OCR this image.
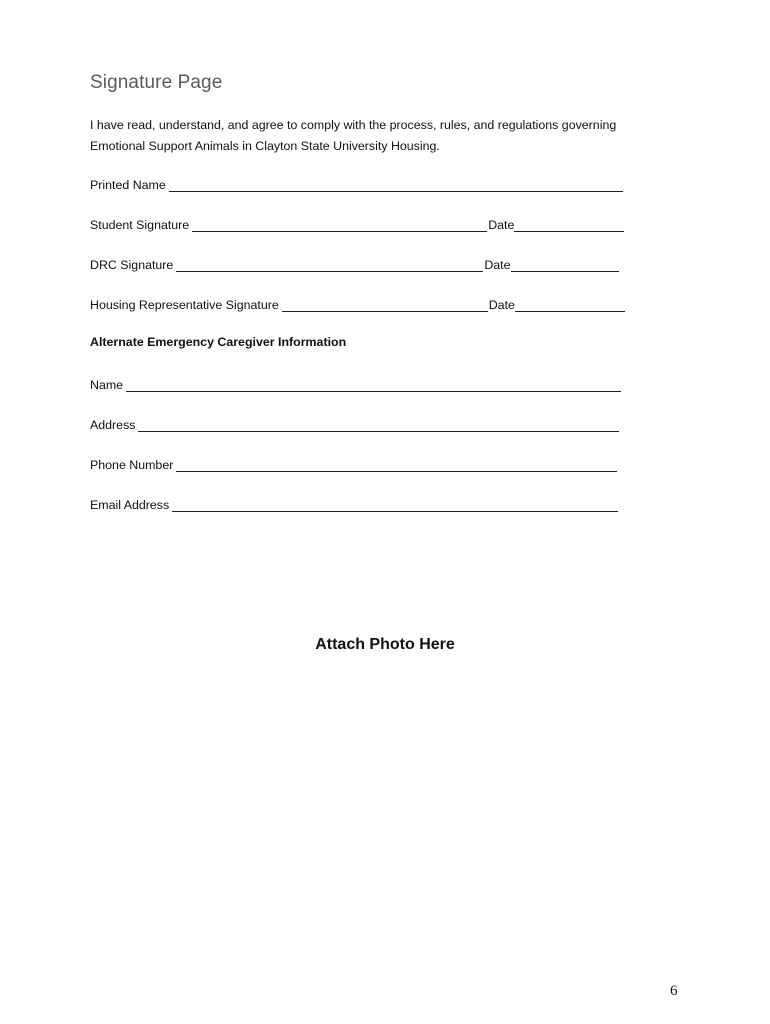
Signature Page
I have read, understand, and agree to comply with the process, rules, and regulations governing Emotional Support Animals in Clayton State University Housing.
Printed Name
Student Signature	Date
DRC Signature	Date
Housing Representative Signature	Date
Alternate Emergency Caregiver Information
Name
Address
Phone Number
Email Address
Attach Photo Here
6
